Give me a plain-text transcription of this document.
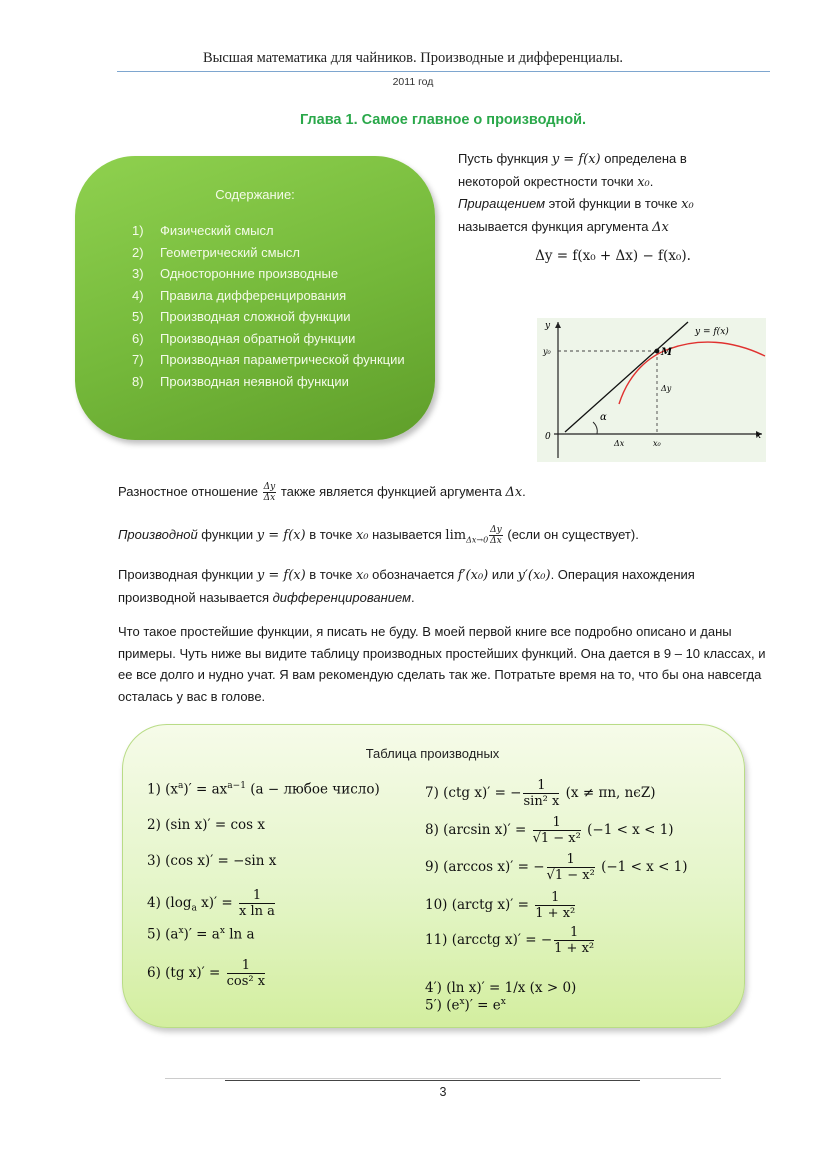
Высшая математика для чайников. Производные и дифференциалы.
2011 год
Глава 1. Самое главное о производной.
Содержание:
1) Физический смысл
2) Геометрический смысл
3) Односторонние производные
4) Правила дифференцирования
5) Производная сложной функции
6) Производная обратной функции
7) Производная параметрической функции
8) Производная неявной функции
Пусть функция y = f(x) определена в некоторой окрестности точки x₀. Приращением этой функции в точке x₀ называется функция аргумента Δx
Δy = f(x₀ + Δx) − f(x₀).
y
x
0
y = f(x)
M
y₀
x₀
Δx
Δy
α
Разностное отношение $\frac{\Delta y}{\Delta x}$ также является функцией аргумента Δx.
Производной функции y = f(x) в точке x₀ называется $\lim_{\Delta x\to 0} \frac{\Delta y}{\Delta x}$ (если он существует).
Производная функции y = f(x) в точке x₀ обозначается f′(x₀) или y′(x₀). Операция нахождения производной называется дифференцированием.
Что такое простейшие функции, я писать не буду. В моей первой книге все подробно описано и даны примеры. Чуть ниже вы видите таблицу производных простейших функций. Она дается в 9 – 10 классах, и ее все долго и нудно учат. Я вам рекомендую сделать так же. Потратьте время на то, что бы она навсегда осталась у вас в голове.
Таблица производных
1) $(x^a)' = ax^{a-1}$ (a − любое число)
2) (sin x)′ = cos x
3) (cos x)′ = −sin x
4) ($\log_a$ $x)' = \frac{1}{\text{x ln a}}$
5) $(a^x)' = a^x$ ln a
6) (tg $x)' = \frac{1}{\text{cos² x}}$
7) (ctg x)′ = − $\frac{1}{\text{sin² x}} (x \ne \pi n$, nϵZ)
8) (arcsin $x)' = \frac{1}{\text{√1 − x²}} (-1 < x < 1)$
9) (arccos x)′ = − $\frac{1}{\text{√1 − x²}} (-1 < x < 1)$
10) (arctg $x)' = \frac{1}{\text{1 + x²}}$
11) (arcctg x)′ = − $\frac{1}{\text{1 + x²}}$
4′) (ln x)′ = 1/x (x > 0)
5′) $(e^x)' = e^x$
3
